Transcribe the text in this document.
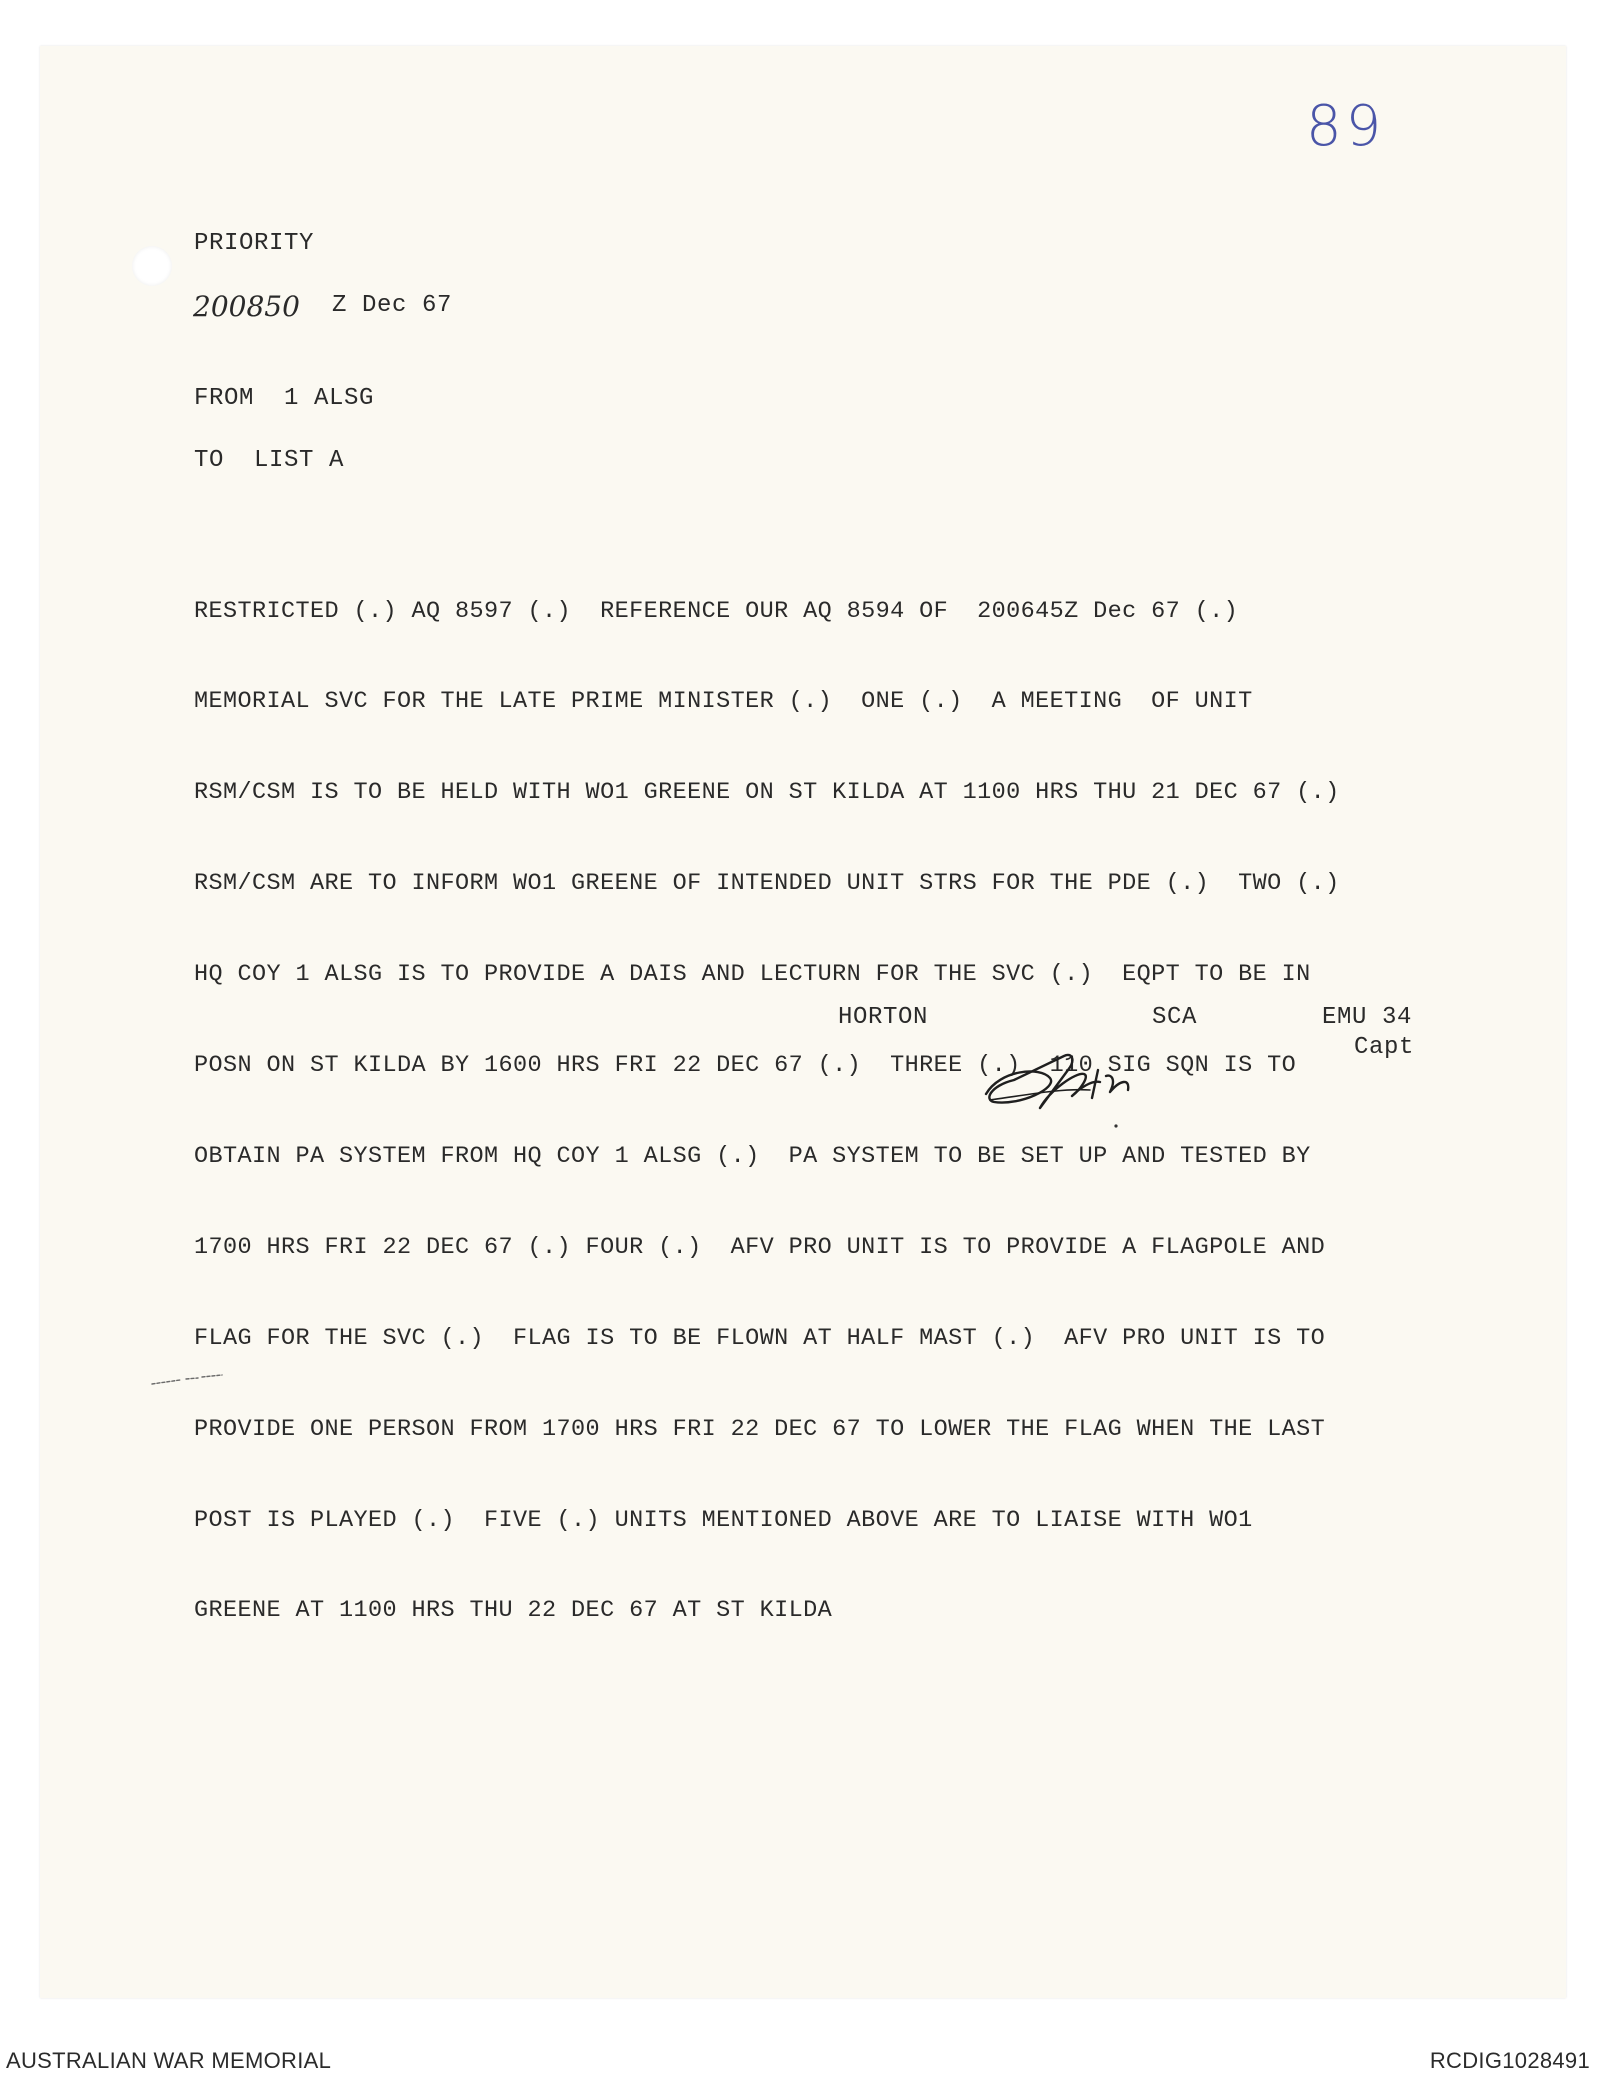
89

PRIORITY

200850 Z Dec 67

FROM  1 ALSG

TO  LIST A

RESTRICTED (.) AQ 8597 (.)  REFERENCE OUR AQ 8594 OF  200645Z Dec 67 (.)

MEMORIAL SVC FOR THE LATE PRIME MINISTER (.)  ONE (.)  A MEETING  OF UNIT

RSM/CSM IS TO BE HELD WITH WO1 GREENE ON ST KILDA AT 1100 HRS THU 21 DEC 67 (.)

RSM/CSM ARE TO INFORM WO1 GREENE OF INTENDED UNIT STRS FOR THE PDE (.)  TWO (.)

HQ COY 1 ALSG IS TO PROVIDE A DAIS AND LECTURN FOR THE SVC (.)  EQPT TO BE IN

POSN ON ST KILDA BY 1600 HRS FRI 22 DEC 67 (.)  THREE (.)  110 SIG SQN IS TO

OBTAIN PA SYSTEM FROM HQ COY 1 ALSG (.)  PA SYSTEM TO BE SET UP AND TESTED BY

1700 HRS FRI 22 DEC 67 (.) FOUR (.)  AFV PRO UNIT IS TO PROVIDE A FLAGPOLE AND

FLAG FOR THE SVC (.)  FLAG IS TO BE FLOWN AT HALF MAST (.)  AFV PRO UNIT IS TO

PROVIDE ONE PERSON FROM 1700 HRS FRI 22 DEC 67 TO LOWER THE FLAG WHEN THE LAST

POST IS PLAYED (.)  FIVE (.) UNITS MENTIONED ABOVE ARE TO LIAISE WITH WO1

GREENE AT 1100 HRS THU 22 DEC 67 AT ST KILDA

HORTON	SCA	EMU 34

Capt

AUSTRALIAN WAR MEMORIAL	RCDIG1028491
